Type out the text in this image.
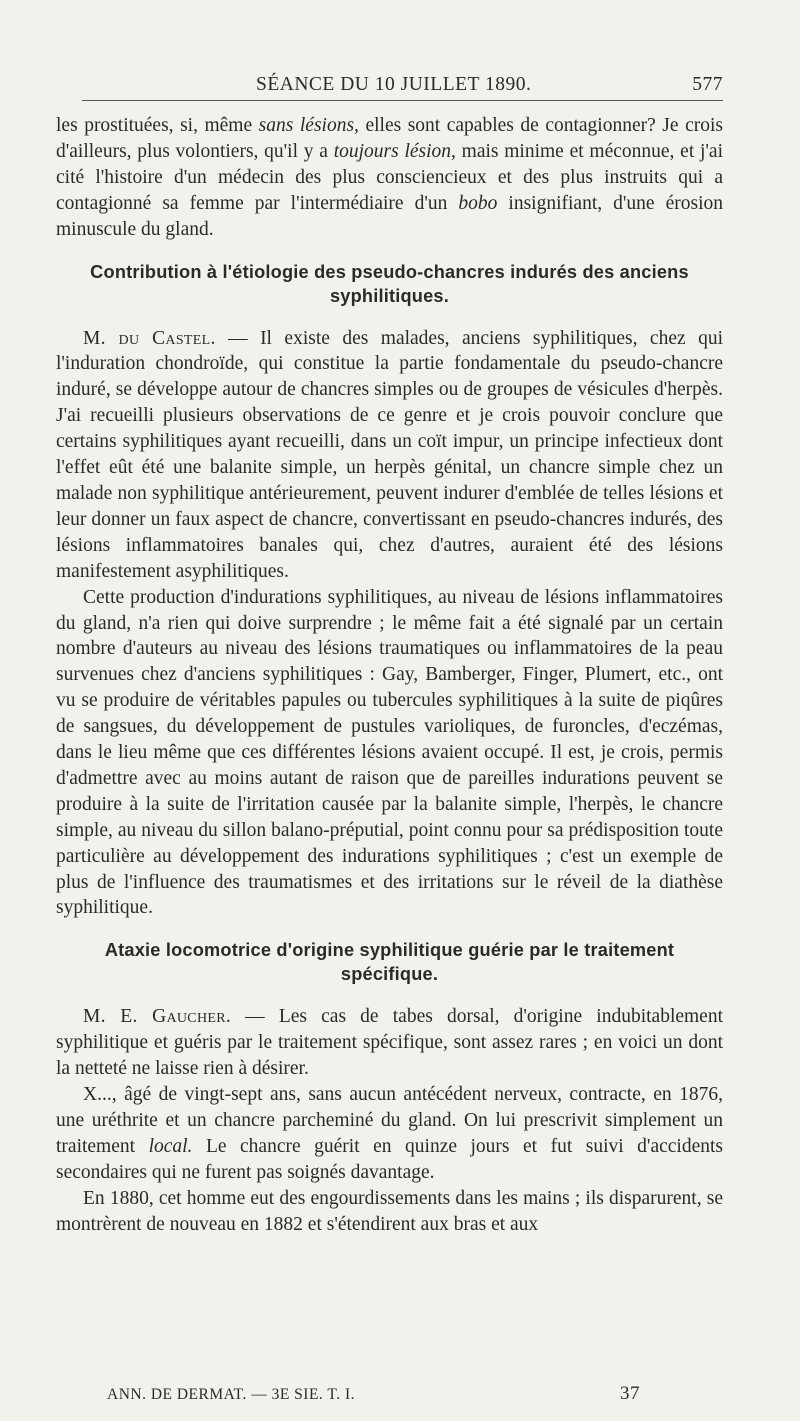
SÉANCE DU 10 JUILLET 1890.	577

les prostituées, si, même sans lésions, elles sont capables de contagionner? Je crois d'ailleurs, plus volontiers, qu'il y a toujours lésion, mais minime et méconnue, et j'ai cité l'histoire d'un médecin des plus consciencieux et des plus instruits qui a contagionné sa femme par l'intermédiaire d'un bobo insignifiant, d'une érosion minuscule du gland.

Contribution à l'étiologie des pseudo-chancres indurés des anciens syphilitiques.

M. du Castel. — Il existe des malades, anciens syphilitiques, chez qui l'induration chondroïde, qui constitue la partie fondamentale du pseudo-chancre induré, se développe autour de chancres simples ou de groupes de vésicules d'herpès. J'ai recueilli plusieurs observations de ce genre et je crois pouvoir conclure que certains syphilitiques ayant recueilli, dans un coït impur, un principe infectieux dont l'effet eût été une balanite simple, un herpès génital, un chancre simple chez un malade non syphilitique antérieurement, peuvent indurer d'emblée de telles lésions et leur donner un faux aspect de chancre, convertissant en pseudo-chancres indurés, des lésions inflammatoires banales qui, chez d'autres, auraient été des lésions manifestement asyphilitiques.

Cette production d'indurations syphilitiques, au niveau de lésions inflammatoires du gland, n'a rien qui doive surprendre ; le même fait a été signalé par un certain nombre d'auteurs au niveau des lésions traumatiques ou inflammatoires de la peau survenues chez d'anciens syphilitiques : Gay, Bamberger, Finger, Plumert, etc., ont vu se produire de véritables papules ou tubercules syphilitiques à la suite de piqûres de sangsues, du développement de pustules varioliques, de furoncles, d'eczémas, dans le lieu même que ces différentes lésions avaient occupé. Il est, je crois, permis d'admettre avec au moins autant de raison que de pareilles indurations peuvent se produire à la suite de l'irritation causée par la balanite simple, l'herpès, le chancre simple, au niveau du sillon balano-préputial, point connu pour sa prédisposition toute particulière au développement des indurations syphilitiques ; c'est un exemple de plus de l'influence des traumatismes et des irritations sur le réveil de la diathèse syphilitique.

Ataxie locomotrice d'origine syphilitique guérie par le traitement spécifique.

M. E. Gaucher. — Les cas de tabes dorsal, d'origine indubitablement syphilitique et guéris par le traitement spécifique, sont assez rares ; en voici un dont la netteté ne laisse rien à désirer.

X..., âgé de vingt-sept ans, sans aucun antécédent nerveux, contracte, en 1876, une uréthrite et un chancre parcheminé du gland. On lui prescrivit simplement un traitement local. Le chancre guérit en quinze jours et fut suivi d'accidents secondaires qui ne furent pas soignés davantage.

En 1880, cet homme eut des engourdissements dans les mains ; ils disparurent, se montrèrent de nouveau en 1882 et s'étendirent aux bras et aux

ANN. DE DERMAT. — 3E SIE. T. I.	37
